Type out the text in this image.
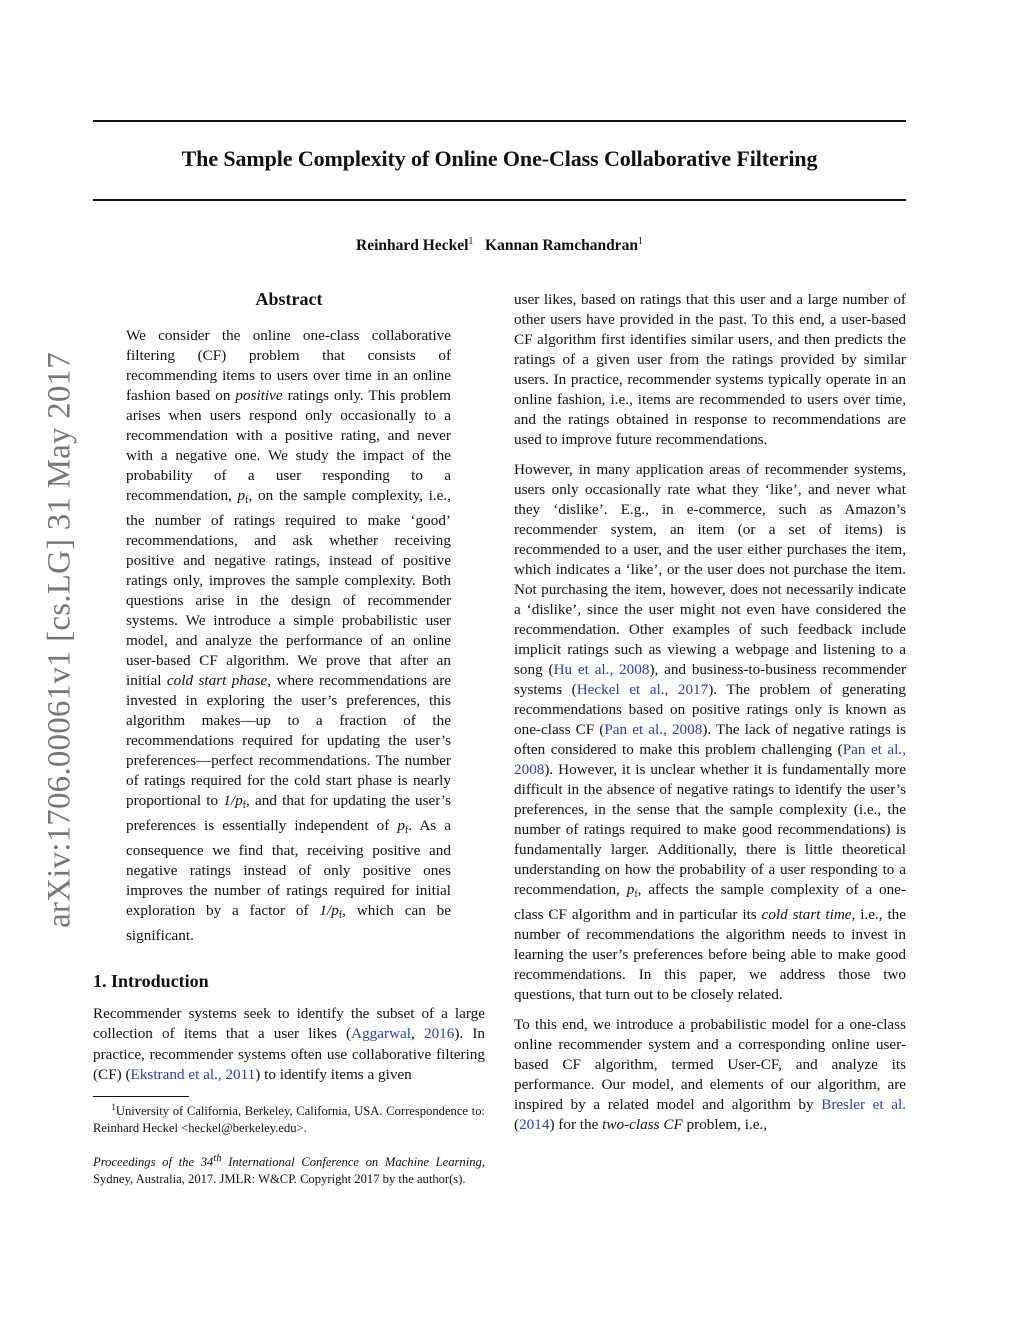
The Sample Complexity of Online One-Class Collaborative Filtering
Reinhard Heckel$^1$ Kannan Ramchandran$^1$
arXiv:1706.00061v1 [cs.LG] 31 May 2017
Abstract
We consider the online one-class collaborative filtering (CF) problem that consists of recommending items to users over time in an online fashion based on positive ratings only. This problem arises when users respond only occasionally to a recommendation with a positive rating, and never with a negative one. We study the impact of the probability of a user responding to a recommendation, $p_f$, on the sample complexity, i.e., the number of ratings required to make ‘good’ recommendations, and ask whether receiving positive and negative ratings, instead of positive ratings only, improves the sample complexity. Both questions arise in the design of recommender systems. We introduce a simple probabilistic user model, and analyze the performance of an online user-based CF algorithm. We prove that after an initial cold start phase, where recommendations are invested in exploring the user’s preferences, this algorithm makes—up to a fraction of the recommendations required for updating the user’s preferences—perfect recommendations. The number of ratings required for the cold start phase is nearly proportional to $1/p_f$, and that for updating the user’s preferences is essentially independent of $p_f$. As a consequence we find that, receiving positive and negative ratings instead of only positive ones improves the number of ratings required for initial exploration by a factor of $1/p_f$, which can be significant.
1. Introduction
Recommender systems seek to identify the subset of a large collection of items that a user likes (Aggarwal, 2016). In practice, recommender systems often use collaborative filtering (CF) (Ekstrand et al., 2011) to identify items a given
$^1$University of California, Berkeley, California, USA. Correspondence to: Reinhard Heckel <heckel@berkeley.edu>.
Proceedings of the 34th International Conference on Machine Learning, Sydney, Australia, 2017. JMLR: W&CP. Copyright 2017 by the author(s).

user likes, based on ratings that this user and a large number of other users have provided in the past. To this end, a user-based CF algorithm first identifies similar users, and then predicts the ratings of a given user from the ratings provided by similar users. In practice, recommender systems typically operate in an online fashion, i.e., items are recommended to users over time, and the ratings obtained in response to recommendations are used to improve future recommendations.

However, in many application areas of recommender systems, users only occasionally rate what they ‘like’, and never what they ‘dislike’. E.g., in e-commerce, such as Amazon’s recommender system, an item (or a set of items) is recommended to a user, and the user either purchases the item, which indicates a ‘like’, or the user does not purchase the item. Not purchasing the item, however, does not necessarily indicate a ‘dislike’, since the user might not even have considered the recommendation. Other examples of such feedback include implicit ratings such as viewing a webpage and listening to a song (Hu et al., 2008), and business-to-business recommender systems (Heckel et al., 2017). The problem of generating recommendations based on positive ratings only is known as one-class CF (Pan et al., 2008). The lack of negative ratings is often considered to make this problem challenging (Pan et al., 2008). However, it is unclear whether it is fundamentally more difficult in the absence of negative ratings to identify the user’s preferences, in the sense that the sample complexity (i.e., the number of ratings required to make good recommendations) is fundamentally larger. Additionally, there is little theoretical understanding on how the probability of a user responding to a recommendation, $p_f$, affects the sample complexity of a one-class CF algorithm and in particular its cold start time, i.e., the number of recommendations the algorithm needs to invest in learning the user’s preferences before being able to make good recommendations. In this paper, we address those two questions, that turn out to be closely related.

To this end, we introduce a probabilistic model for a one-class online recommender system and a corresponding online user-based CF algorithm, termed User-CF, and analyze its performance. Our model, and elements of our algorithm, are inspired by a related model and algorithm by Bresler et al. (2014) for the two-class CF problem, i.e.,
